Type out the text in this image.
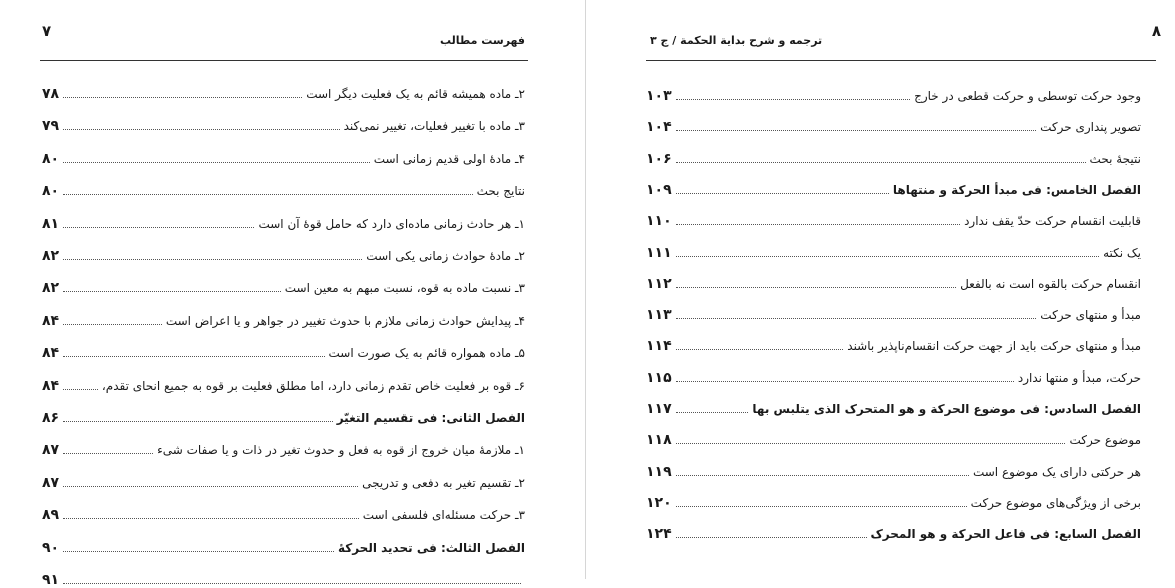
۷
فهرست مطالب
۲ـ ماده همیشه قائم به یک فعلیت دیگر است
۷۸
۳ـ ماده با تغییر فعلیات، تغییر نمی‌کند
۷۹
۴ـ مادهٔ اولی قدیم زمانی است
۸۰
نتایج بحث
۸۰
۱ـ هر حادث زمانی ماده‌ای دارد که حامل قوهٔ آن است
۸۱
۲ـ مادهٔ حوادث زمانی یکی است
۸۲
۳ـ نسبت ماده به قوه، نسبت مبهم به معین است
۸۲
۴ـ پیدایش حوادث زمانی ملازم با حدوث تغییر در جواهر و یا اعراض است
۸۴
۵ـ ماده همواره قائم به یک صورت است
۸۴
۶ـ قوه بر فعلیت خاص تقدم زمانی دارد، اما مطلق فعلیت بر قوه به جمیع انحای تقدم،
۸۴
الفصل الثانی: فی تقسیم التغیّر
۸۶
۱ـ ملازمهٔ میان خروج از قوه به فعل و حدوث تغیر در ذات و یا صفات شیء
۸۷
۲ـ تقسیم تغیر به دفعی و تدریجی
۸۷
۳ـ حرکت مسئله‌ای فلسفی است
۸۹
الفصل الثالث: فی تحدید الحرکهٔ
۹۰
۹۱
۸
ترجمه و شرح بدایة الحکمة / ج ۳
وجود حرکت توسطی و حرکت قطعی در خارج
۱۰۳
تصویر پنداری حرکت
۱۰۴
نتیجهٔ بحث
۱۰۶
الفصل الخامس: فی مبدأ الحرکة و منتهاها
۱۰۹
قابلیت انقسام حرکت حدّ یقف ندارد
۱۱۰
یک نکته
۱۱۱
انقسام حرکت بالقوه است نه بالفعل
۱۱۲
مبدأ و منتهای حرکت
۱۱۳
مبدأ و منتهای حرکت باید از جهت حرکت انقسام‌ناپذیر باشند
۱۱۴
حرکت، مبدأ و منتها ندارد
۱۱۵
الفصل السادس: فی موضوع الحرکة و هو المتحرک الذی یتلبس بها
۱۱۷
موضوع حرکت
۱۱۸
هر حرکتی دارای یک موضوع است
۱۱۹
برخی از ویژگی‌های موضوع حرکت
۱۲۰
الفصل السابع: فی فاعل الحرکة و هو المحرک
۱۲۴
